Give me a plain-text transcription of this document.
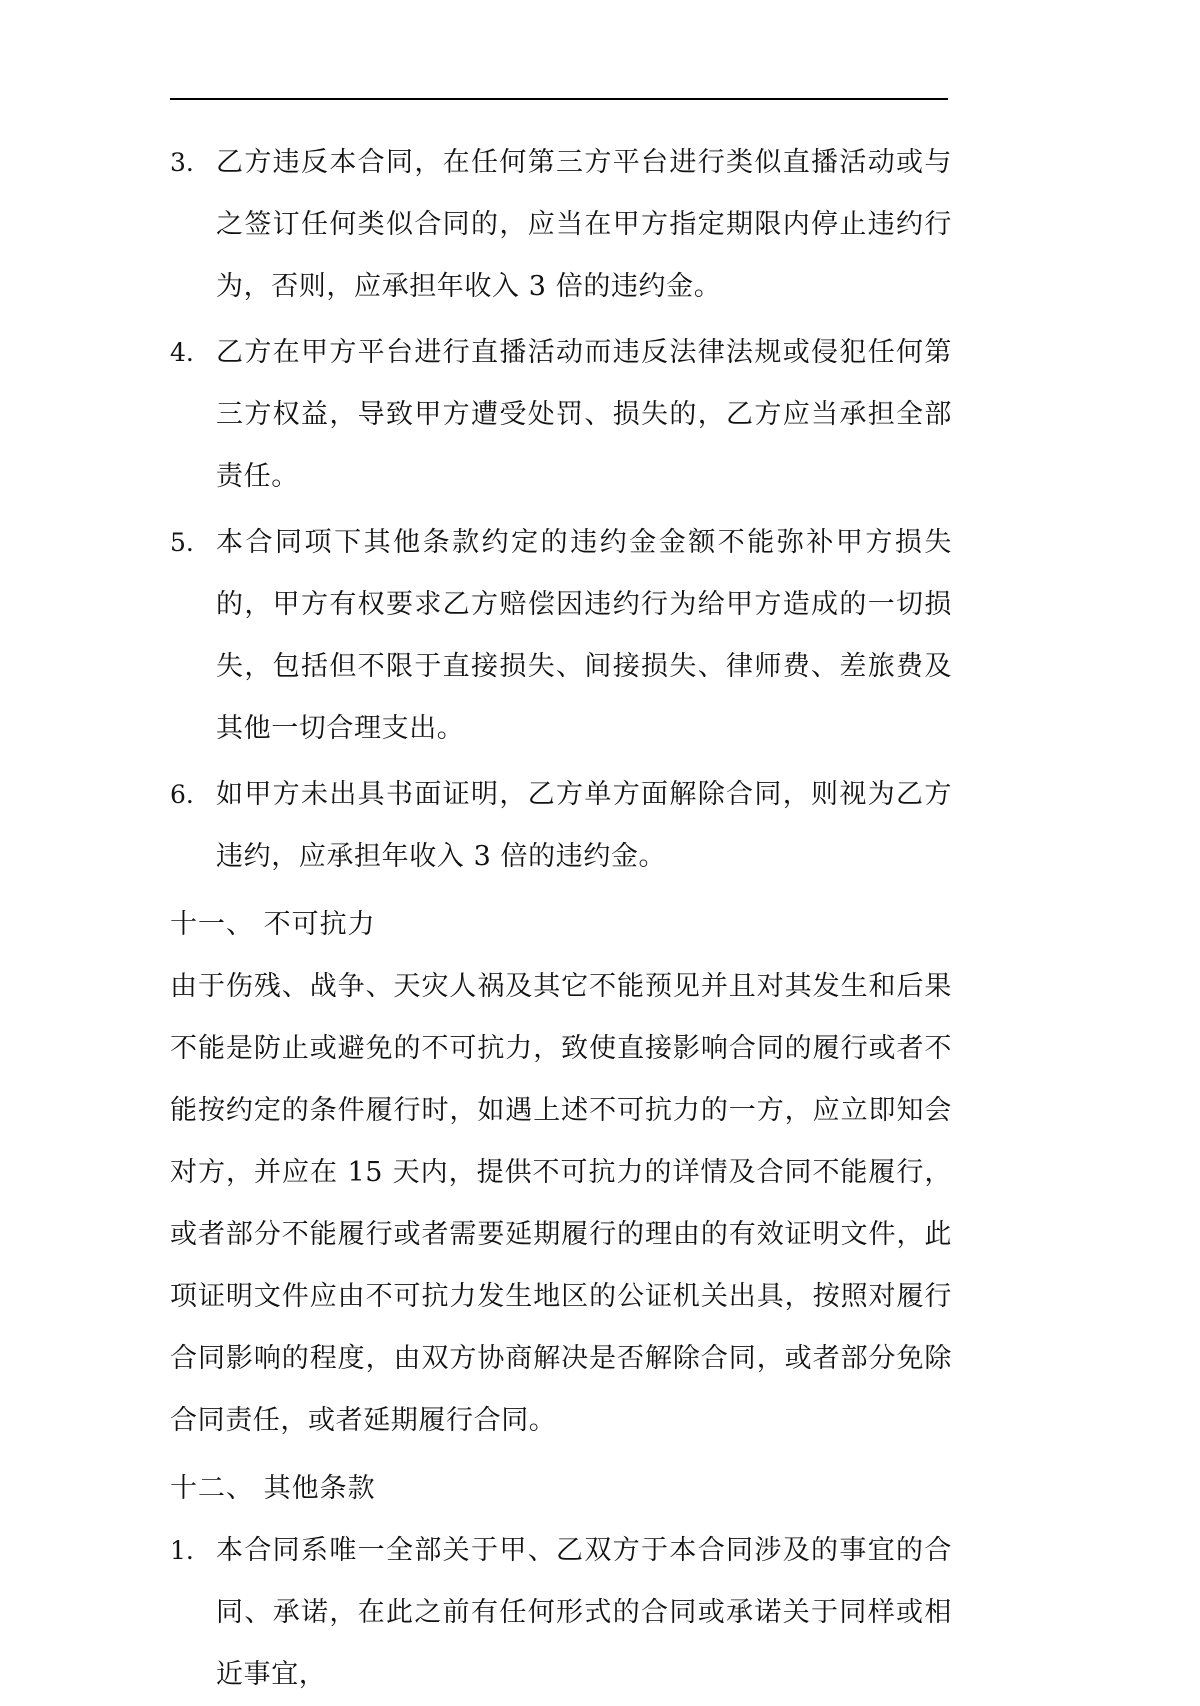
3. 乙方违反本合同，在任何第三方平台进行类似直播活动或与之签订任何类似合同的，应当在甲方指定期限内停止违约行为，否则，应承担年收入 3 倍的违约金。
4. 乙方在甲方平台进行直播活动而违反法律法规或侵犯任何第三方权益，导致甲方遭受处罚、损失的，乙方应当承担全部责任。
5. 本合同项下其他条款约定的违约金金额不能弥补甲方损失的，甲方有权要求乙方赔偿因违约行为给甲方造成的一切损失，包括但不限于直接损失、间接损失、律师费、差旅费及其他一切合理支出。
6. 如甲方未出具书面证明，乙方单方面解除合同，则视为乙方违约，应承担年收入 3 倍的违约金。
十一、 不可抗力
由于伤残、战争、天灾人祸及其它不能预见并且对其发生和后果不能是防止或避免的不可抗力，致使直接影响合同的履行或者不能按约定的条件履行时，如遇上述不可抗力的一方，应立即知会对方，并应在 15 天内，提供不可抗力的详情及合同不能履行，或者部分不能履行或者需要延期履行的理由的有效证明文件，此项证明文件应由不可抗力发生地区的公证机关出具，按照对履行合同影响的程度，由双方协商解决是否解除合同，或者部分免除合同责任，或者延期履行合同。
十二、 其他条款
1. 本合同系唯一全部关于甲、乙双方于本合同涉及的事宜的合同、承诺，在此之前有任何形式的合同或承诺关于同样或相近事宜，
